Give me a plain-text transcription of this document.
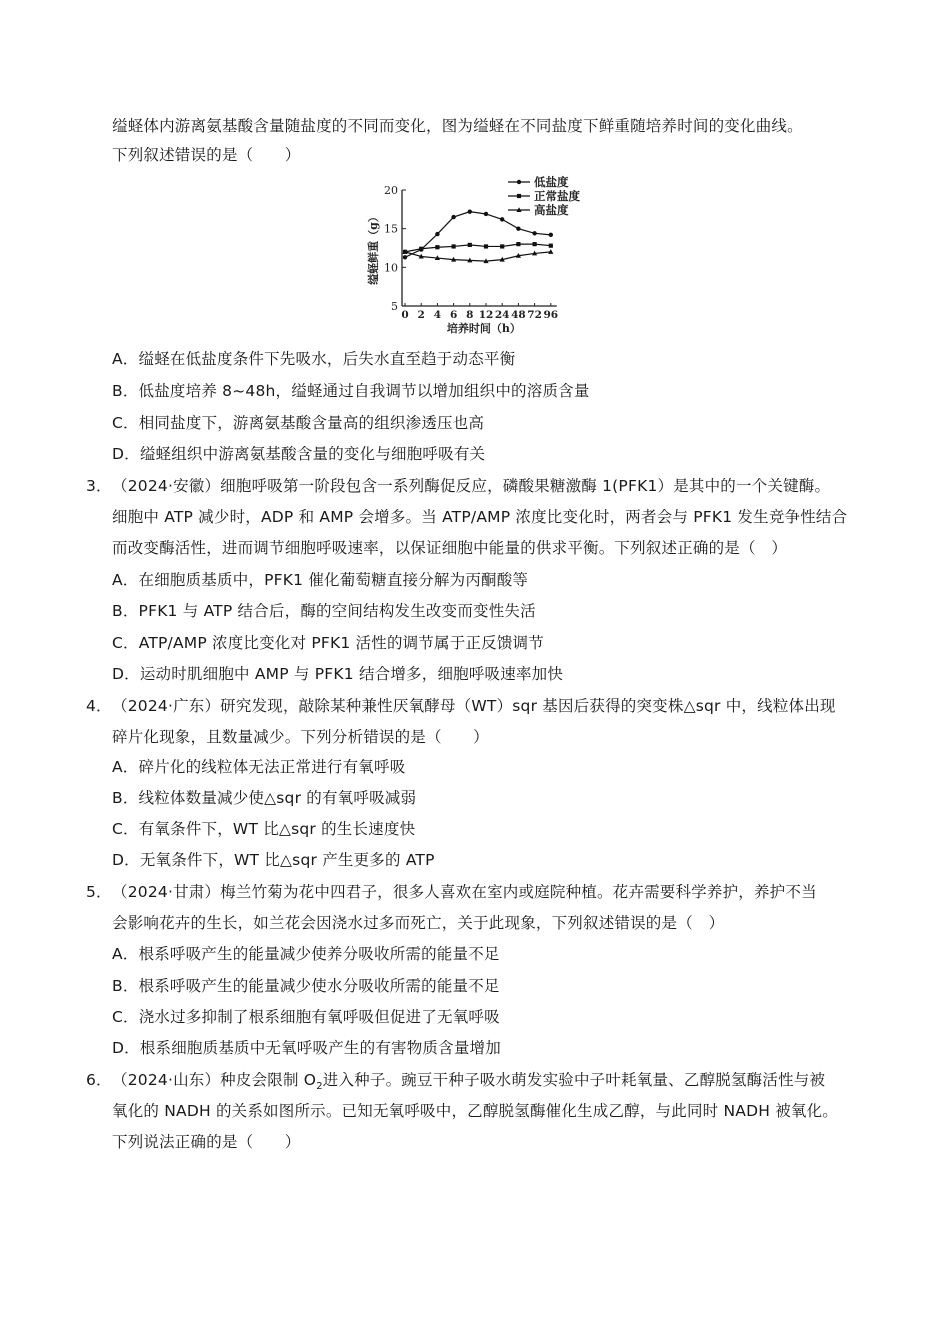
缢蛏体内游离氨基酸含量随盐度的不同而变化，图为缢蛏在不同盐度下鲜重随培养时间的变化曲线。
下列叙述错误的是（　　）
5
10
15
20
0 2 4 6 8 12 24 48 72 96
缢蛏鲜重（g）
培养时间（h）
低盐度
正常盐度
高盐度
A．缢蛏在低盐度条件下先吸水，后失水直至趋于动态平衡
B．低盐度培养 8~48h，缢蛏通过自我调节以增加组织中的溶质含量
C．相同盐度下，游离氨基酸含量高的组织渗透压也高
D．缢蛏组织中游离氨基酸含量的变化与细胞呼吸有关
3． （2024·安徽）细胞呼吸第一阶段包含一系列酶促反应，磷酸果糖激酶 1(PFK1）是其中的一个关键酶。
细胞中 ATP 减少时，ADP 和 AMP 会增多。当 ATP/AMP 浓度比变化时，两者会与 PFK1 发生竞争性结合
而改变酶活性，进而调节细胞呼吸速率，以保证细胞中能量的供求平衡。下列叙述正确的是（　）
A．在细胞质基质中，PFK1 催化葡萄糖直接分解为丙酮酸等
B．PFK1 与 ATP 结合后，酶的空间结构发生改变而变性失活
C．ATP/AMP 浓度比变化对 PFK1 活性的调节属于正反馈调节
D．运动时肌细胞中 AMP 与 PFK1 结合增多，细胞呼吸速率加快
4． （2024·广东）研究发现，敲除某种兼性厌氧酵母（WT）sqr 基因后获得的突变株△sqr 中，线粒体出现
碎片化现象，且数量减少。下列分析错误的是（　　）
A．碎片化的线粒体无法正常进行有氧呼吸
B．线粒体数量减少使△sqr 的有氧呼吸减弱
C．有氧条件下，WT 比△sqr 的生长速度快
D．无氧条件下，WT 比△sqr 产生更多的 ATP
5． （2024·甘肃）梅兰竹菊为花中四君子，很多人喜欢在室内或庭院种植。花卉需要科学养护，养护不当
会影响花卉的生长，如兰花会因浇水过多而死亡，关于此现象，下列叙述错误的是（　）
A．根系呼吸产生的能量减少使养分吸收所需的能量不足
B．根系呼吸产生的能量减少使水分吸收所需的能量不足
C．浇水过多抑制了根系细胞有氧呼吸但促进了无氧呼吸
D．根系细胞质基质中无氧呼吸产生的有害物质含量增加
6． （2024·山东）种皮会限制 $O_2$进入种子。豌豆干种子吸水萌发实验中子叶耗氧量、乙醇脱氢酶活性与被
氧化的 NADH 的关系如图所示。已知无氧呼吸中，乙醇脱氢酶催化生成乙醇，与此同时 NADH 被氧化。
下列说法正确的是（　　）
